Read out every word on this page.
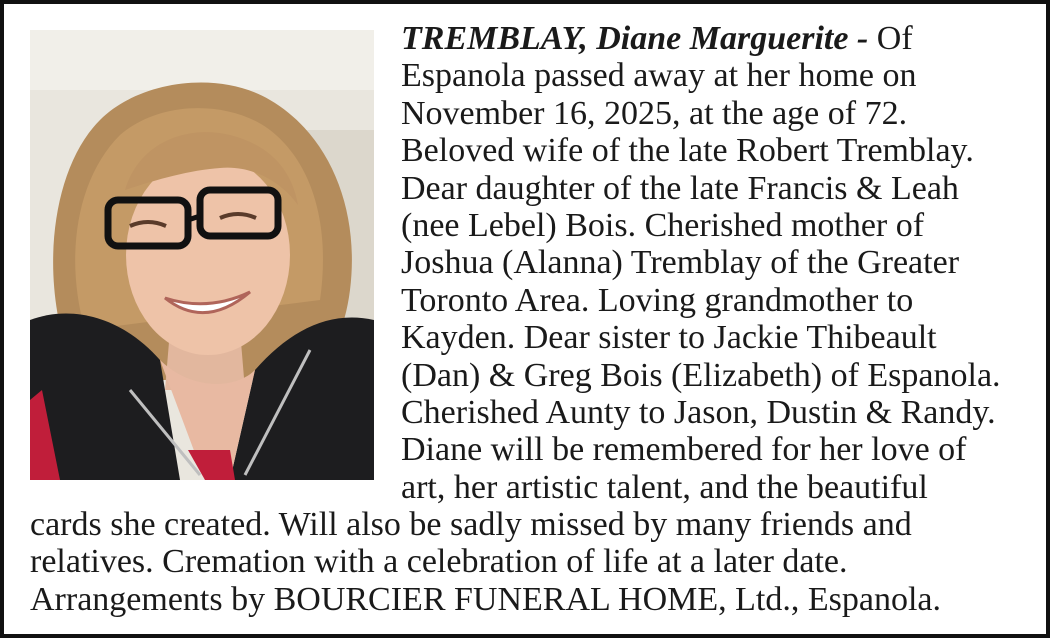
TREMBLAY, Diane Marguerite - Of
Espanola passed away at her home on
November 16, 2025, at the age of 72.
Beloved wife of the late Robert Tremblay.
Dear daughter of the late Francis & Leah
(nee Lebel) Bois. Cherished mother of
Joshua (Alanna) Tremblay of the Greater
Toronto Area. Loving grandmother to
Kayden. Dear sister to Jackie Thibeault
(Dan) & Greg Bois (Elizabeth) of Espanola.
Cherished Aunty to Jason, Dustin & Randy.
Diane will be remembered for her love of
art, her artistic talent, and the beautiful
cards she created. Will also be sadly missed by many friends and
relatives. Cremation with a celebration of life at a later date.
Arrangements by BOURCIER FUNERAL HOME, Ltd., Espanola.
